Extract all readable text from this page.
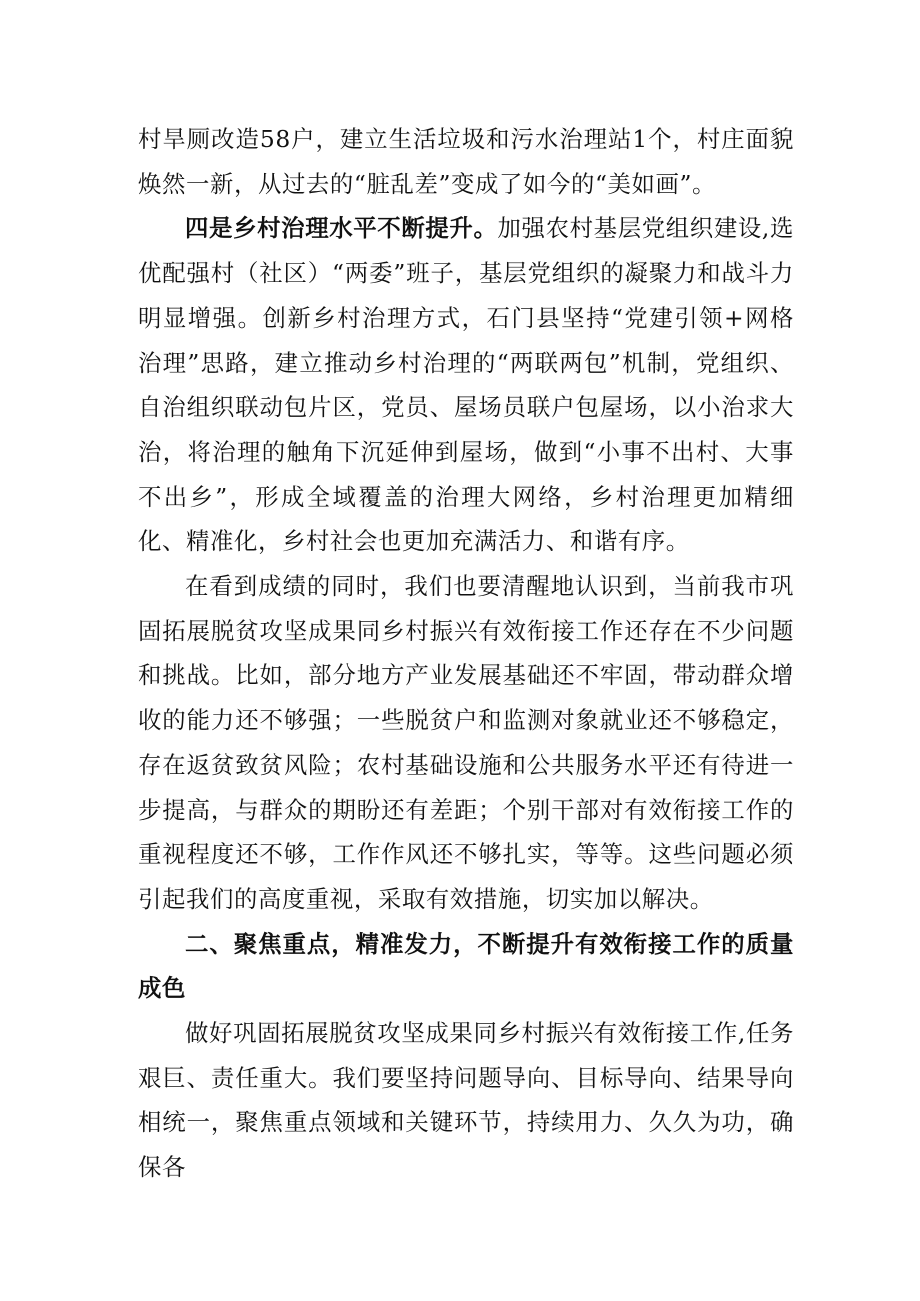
村旱厕改造58户，建立生活垃圾和污水治理站1个，村庄面貌焕然一新，从过去的“脏乱差”变成了如今的“美如画”。

四是乡村治理水平不断提升。加强农村基层党组织建设,选优配强村（社区）“两委”班子，基层党组织的凝聚力和战斗力明显增强。创新乡村治理方式，石门县坚持“党建引领+网格治理”思路，建立推动乡村治理的“两联两包”机制，党组织、自治组织联动包片区，党员、屋场员联户包屋场，以小治求大治，将治理的触角下沉延伸到屋场，做到“小事不出村、大事不出乡”，形成全域覆盖的治理大网络，乡村治理更加精细化、精准化，乡村社会也更加充满活力、和谐有序。

在看到成绩的同时，我们也要清醒地认识到，当前我市巩固拓展脱贫攻坚成果同乡村振兴有效衔接工作还存在不少问题和挑战。比如，部分地方产业发展基础还不牢固，带动群众增收的能力还不够强；一些脱贫户和监测对象就业还不够稳定，存在返贫致贫风险；农村基础设施和公共服务水平还有待进一步提高，与群众的期盼还有差距；个别干部对有效衔接工作的重视程度还不够，工作作风还不够扎实，等等。这些问题必须引起我们的高度重视，采取有效措施，切实加以解决。

二、聚焦重点，精准发力，不断提升有效衔接工作的质量成色

做好巩固拓展脱贫攻坚成果同乡村振兴有效衔接工作,任务艰巨、责任重大。我们要坚持问题导向、目标导向、结果导向相统一，聚焦重点领域和关键环节，持续用力、久久为功，确保各
